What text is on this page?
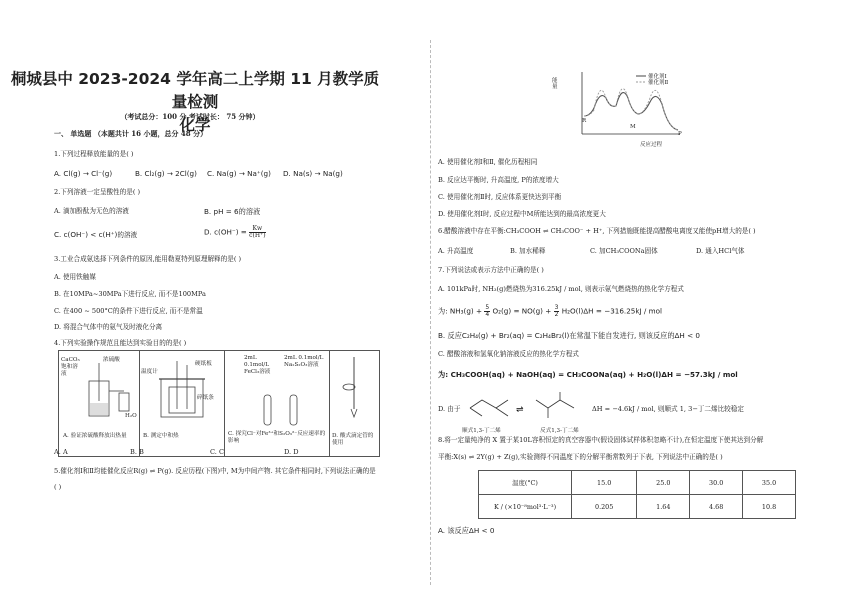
桐城县中 2023-2024 学年高二上学期 11 月教学质量检测
化学
（考试总分：100 分 考试时长： 75 分钟）
一、 单选题 （本题共计 16 小题，总分 48 分）
1.下列过程释放能量的是( )
A. Cl(g) → Cl⁻(g)	B. Cl₂(g) → 2Cl(g) C. Na(g) → Na⁺(g) D. Na(s) → Na(g)
2.下列溶液一定呈酸性的是( )
A. 滴加酚酞为无色的溶液	B. pH = 6的溶液
C. c(OH⁻) < c(H⁺)的溶液	D. $c(OH^-) = \frac{Kw}{c(H^+)}$
3.工业合成氨选择下列条件的原因,能用勒夏特列原理解释的是( )
A. 使用铁触媒
B. 在10MPa~30MPa下进行反应, 而不是100MPa
C. 在400 ~ 500°C的条件下进行反应, 而不是常温
D. 将混合气体中的氨气及时液化分离
4.下列实验操作规范且能达到实验目的的是( )
CaCO₃饱和溶液
浓硫酸
H₂O
A. 验证浓硫酸释放出热量
温度计
硬纸板
碎纸条
B. 测定中和热
2mL 0.1mol/L FeCl₃溶液
2mL 0.1mol/L Na₂S₂O₃溶液
C. 探究Cl⁻对Fe³⁺和S₂O₃²⁻反应速率的影响
D. 酸式滴定管的使用
A. A	B. B	C. C	D. D
5.催化剂Ⅰ和Ⅱ均能催化反应R(g) ⇌ P(g). 反应历程(下图)中, M为中间产物. 其它条件相同时,下列说法正确的是
( )
能量
催化剂Ⅰ
催化剂Ⅱ
R
M
P
反应过程
A. 使用催化剂Ⅰ和Ⅱ, 催化历程相同
B. 反应达平衡时, 升高温度, P的浓度增大
C. 使用催化剂Ⅱ时, 反应体系更快达到平衡
D. 使用催化剂Ⅰ时, 反应过程中M所能达到的最高浓度更大
6.醋酸溶液中存在平衡:CH₃COOH ⇌ CH₃COO⁻ + H⁺, 下列措施既能提高醋酸电离度又能使pH增大的是( )
A. 升高温度	B. 加水稀释	C. 加CH₃COONa固体	D. 通入HCl气体
7.下列说法或表示方法中正确的是( )
A. 101kPa时, NH₃(g)燃烧热为316.25kJ / mol, 则表示氨气燃烧热的热化学方程式
为: $NH_3(g) + \frac{5}{4} O_2(g) = NO(g) + \frac{3}{2} H_2O(l)\Delta H = -316.25kJ$ / mol
B. 反应C₂H₄(g) + Br₂(aq) = C₂H₄Br₂(l)在常温下能自发进行, 则该反应的ΔH < 0
C. 醋酸溶液和氢氧化钠溶液反应的热化学方程式
为: CH₃COOH(aq) + NaOH(aq) = CH₃COONa(aq) + H₂O(l)ΔH = −57.3kJ / mol
D. 由于	⇌
顺式1,3-丁二烯	反式1,3-丁二烯
ΔH = −4.6kJ / mol, 则顺式 1, 3−丁二烯比较稳定
8.将一定量纯净的 X 置于某10L容积恒定的真空容器中(假设固体试样体积忽略不计),在恒定温度下使其达到分解
平衡:X(s) ⇌ 2Y(g) + Z(g),实验测得不同温度下的分解平衡常数列于下表, 下列说法中正确的是( )
温度(°C)	15.0	25.0	30.0	35.0
K / (×10⁻⁸mol³·L⁻³)	0.205	1.64	4.68	10.8
A. 该反应ΔH < 0
